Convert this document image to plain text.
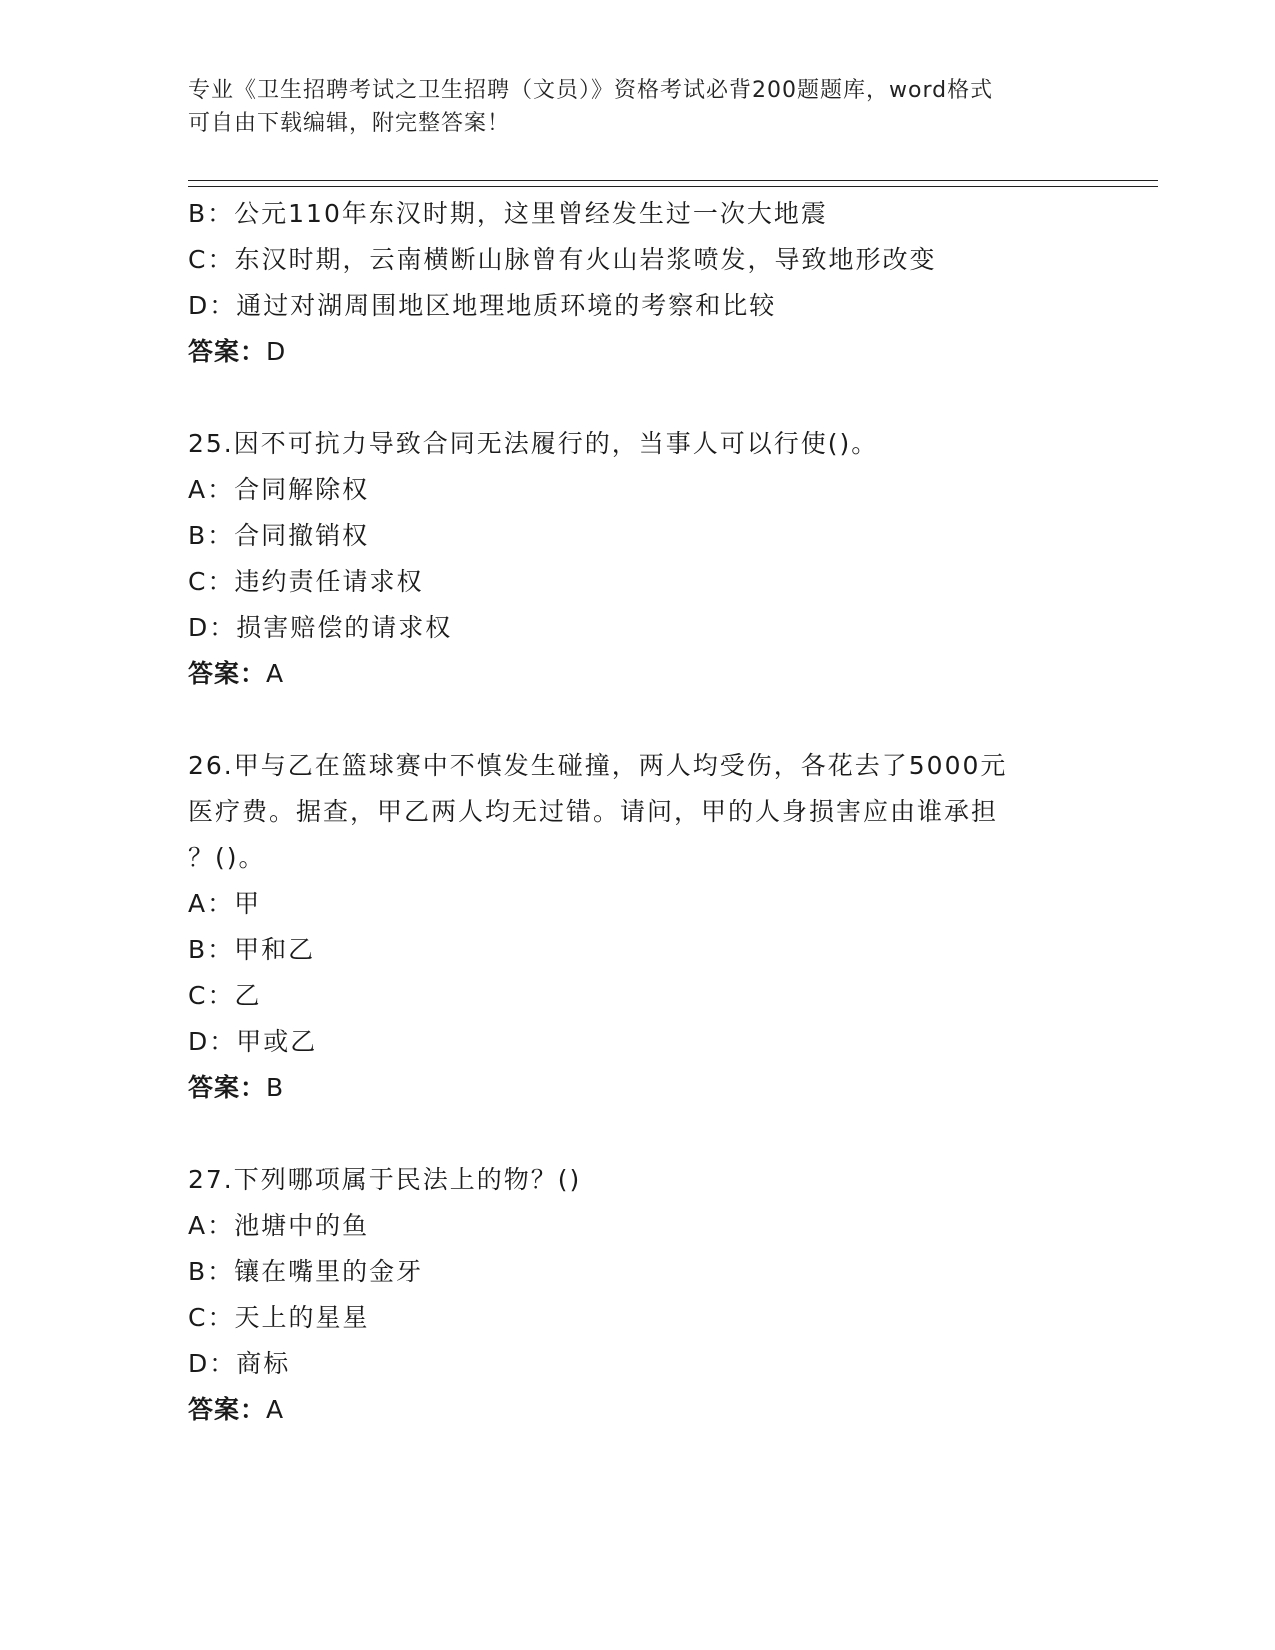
专业《卫生招聘考试之卫生招聘（文员）》资格考试必背200题题库，word格式
可自由下载编辑，附完整答案！
B：公元110年东汉时期，这里曾经发生过一次大地震
C：东汉时期，云南横断山脉曾有火山岩浆喷发，导致地形改变
D：通过对湖周围地区地理地质环境的考察和比较
答案：D
25.因不可抗力导致合同无法履行的，当事人可以行使()。
A：合同解除权
B：合同撤销权
C：违约责任请求权
D：损害赔偿的请求权
答案：A
26.甲与乙在篮球赛中不慎发生碰撞，两人均受伤，各花去了5000元
医疗费。据查，甲乙两人均无过错。请问，甲的人身损害应由谁承担
？()。
A：甲
B：甲和乙
C：乙
D：甲或乙
答案：B
27.下列哪项属于民法上的物？()
A：池塘中的鱼
B：镶在嘴里的金牙
C：天上的星星
D：商标
答案：A
